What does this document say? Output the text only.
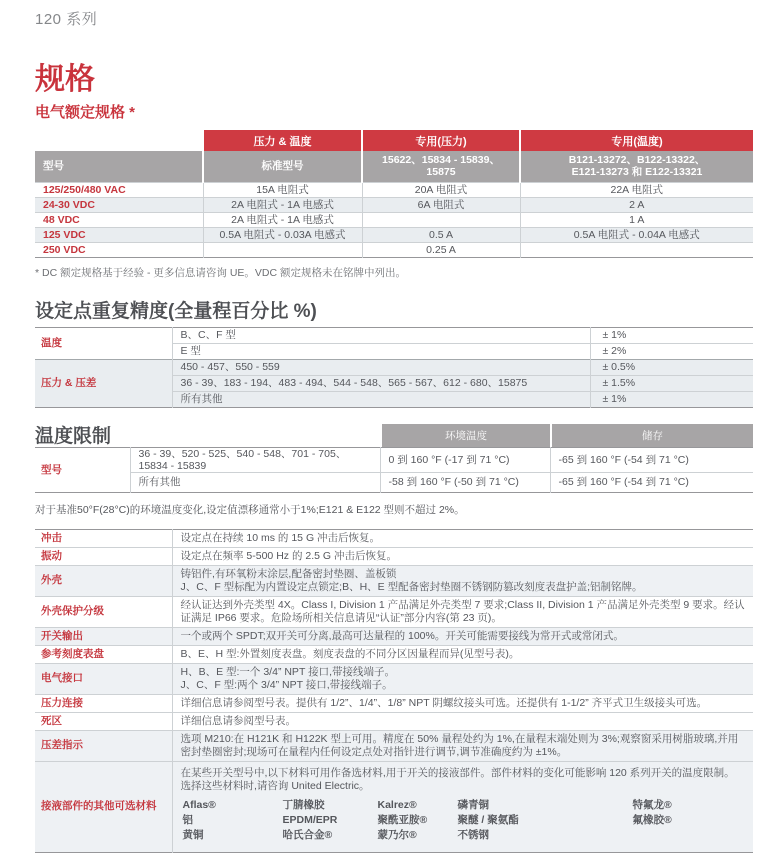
120 系列
规格
电气额定规格 *
	压力 & 温度	专用(压力)	专用(温度)
型号	标准型号	15622、15834 - 15839、15875	B121-13272、B122-13322、
E121-13273 和 E122-13321

125/250/480 VAC	15A 电阻式	20A 电阻式	22A 电阻式
24-30 VDC	2A 电阻式 - 1A 电感式	6A 电阻式	2 A
48 VDC	2A 电阻式 - 1A 电感式		1 A
125 VDC	0.5A 电阻式 - 0.03A 电感式	0.5 A	0.5A 电阻式 - 0.04A 电感式
250 VDC		0.25 A	
* DC 额定规格基于经验 - 更多信息请咨询 UE。VDC 额定规格未在铭牌中列出。
设定点重复精度(全量程百分比 %)
温度	B、C、F 型	± 1%
	E 型	± 2%
压力 & 压差	450 - 457、550 - 559	± 0.5%
	36 - 39、183 - 194、483 - 494、544 - 548、565 - 567、612 - 680、15875	± 1.5%
	所有其他	± 1%
温度限制	环境温度	储存
型号	36 - 39、520 - 525、540 - 548、701 - 705、15834 - 15839	0 到 160 °F (-17 到 71 °C)	-65 到 160 °F (-54 到 71 °C)
	所有其他	-58 到 160 °F (-50 到 71 °C)	-65 到 160 °F (-54 到 71 °C)
对于基准50°F(28°C)的环境温度变化,设定值漂移通常小于1%;E121 & E122 型则不超过 2%。
冲击	设定点在持续 10 ms 的 15 G 冲击后恢复。

振动	设定点在频率 5-500 Hz 的 2.5 G 冲击后恢复。

外壳	铸铝件,有环氧粉末涂层,配备密封垫圈、盖板锁
J、C、F 型标配为内置设定点锁定;B、H、E 型配备密封垫圈不锈钢防篡改刻度表盘护盖;铝制铭牌。

外壳保护分级	经认证达到外壳类型 4X。Class I, Division 1 产品满足外壳类型 7 要求;Class II, Division 1 产品满足外壳类型 9 要求。经认证满足 IP66 要求。危险场所相关信息请见“认证”部分内容(第 23 页)。

开关输出	一个或两个 SPDT;双开关可分离,最高可达量程的 100%。开关可能需要接线为常开式或常闭式。

参考刻度表盘	B、E、H 型:外置刻度表盘。刻度表盘的不同分区因量程而异(见型号表)。

电气接口	H、B、E 型:一个 3/4” NPT 接口,带接线端子。
J、C、F 型:两个 3/4” NPT 接口,带接线端子。

压力连接	详细信息请参阅型号表。提供有 1/2”、1/4”、1/8” NPT 阴螺纹接头可选。还提供有 1-1/2” 齐平式卫生级接头可选。

死区	详细信息请参阅型号表。

压差指示	选项 M210:在 H121K 和 H122K 型上可用。精度在 50% 量程处约为 1%,在量程末端处则为 3%;观察窗采用树脂玻璃,并用密封垫圈密封;现场可在量程内任何设定点处对指针进行调节,调节准确度约为 ±1%。

接液部件的其他可选材料	
在某些开关型号中,以下材料可用作备选材料,用于开关的接液部件。部件材料的变化可能影响 120 系列开关的温度限制。选择这些材料时,请咨询 United Electric。
Aflas®	丁腈橡胶	Kalrez®	磷青铜	特氟龙®
铝	EPDM/EPR	聚酰亚胺®	聚醚 / 聚氨酯	氟橡胶®
黄铜	哈氏合金®	蒙乃尔®	不锈钢
